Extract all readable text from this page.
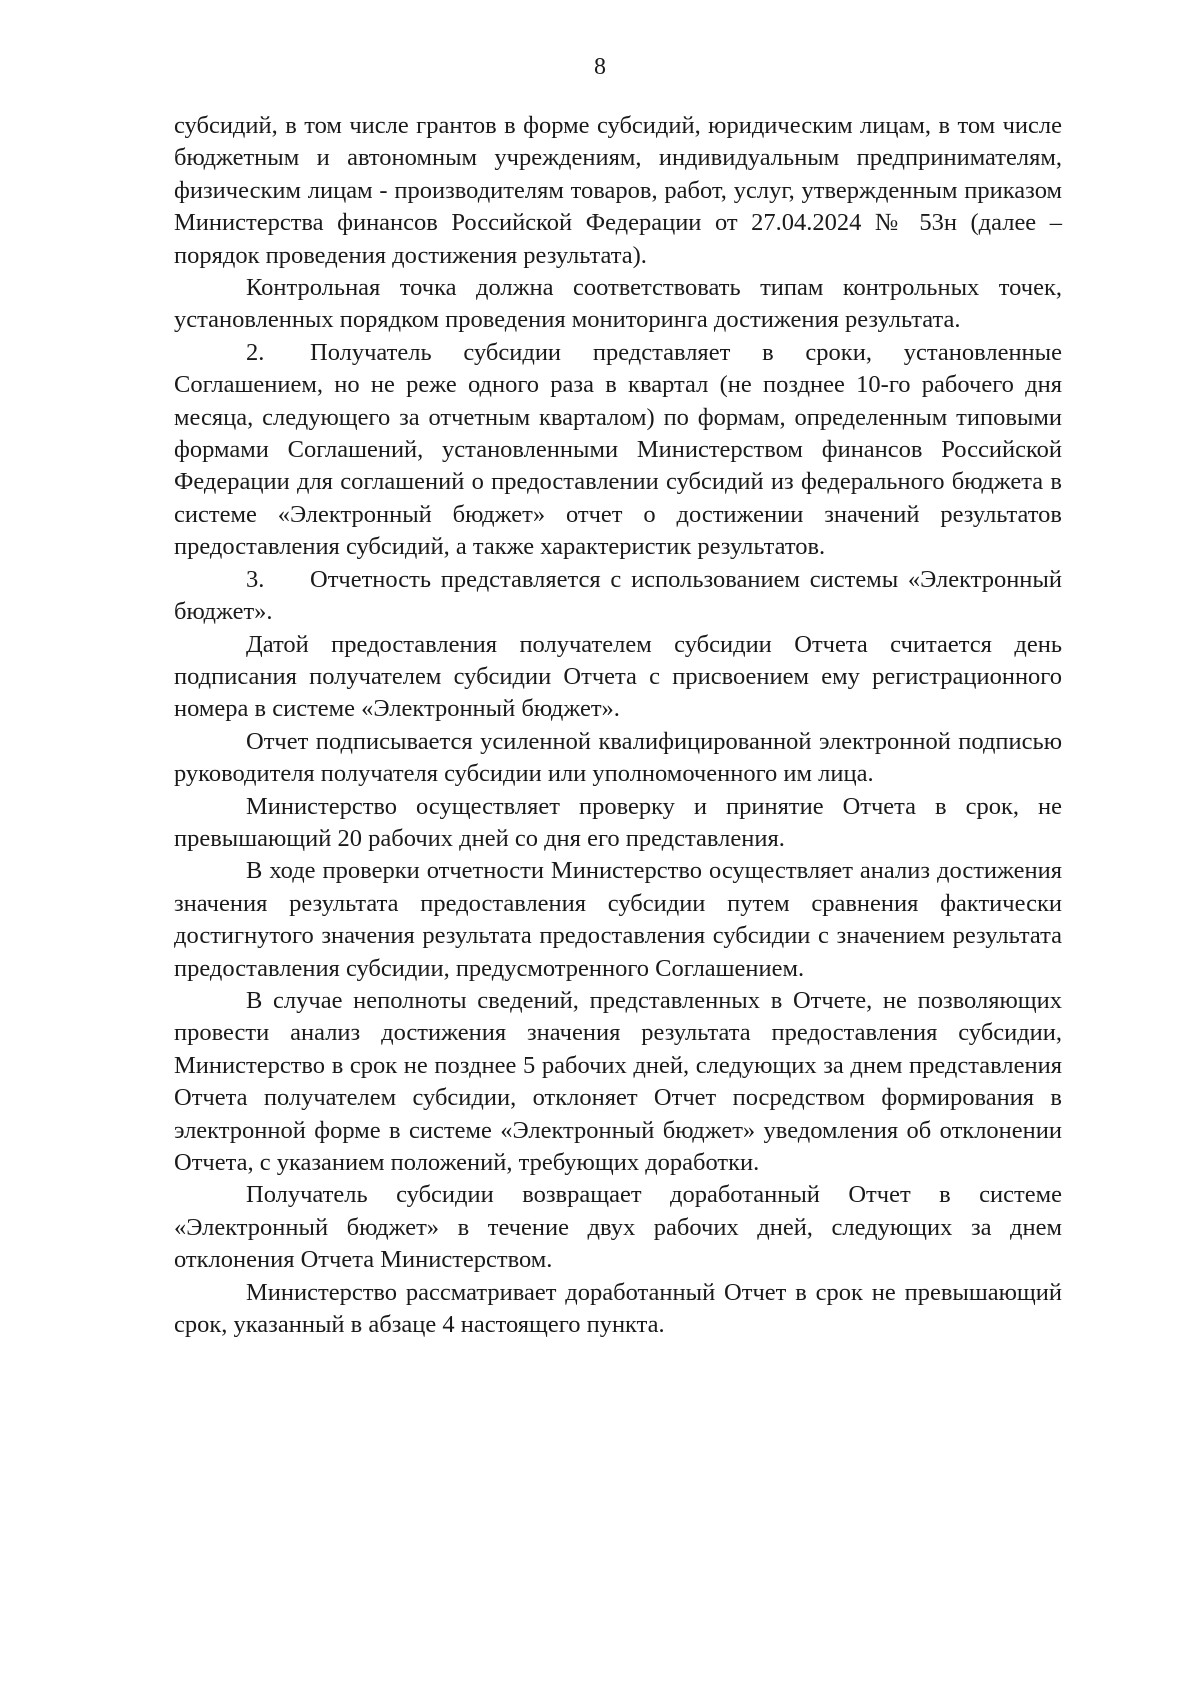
8

субсидий, в том числе грантов в форме субсидий, юридическим лицам, в том числе бюджетным и автономным учреждениям, индивидуальным предпринимателям, физическим лицам - производителям товаров, работ, услуг, утвержденным приказом Министерства финансов Российской Федерации от 27.04.2024 № 53н (далее – порядок проведения достижения результата).

Контрольная точка должна соответствовать типам контрольных точек, установленных порядком проведения мониторинга достижения результата.

2. Получатель субсидии представляет в сроки, установленные Соглашением, но не реже одного раза в квартал (не позднее 10-го рабочего дня месяца, следующего за отчетным кварталом) по формам, определенным типовыми формами Соглашений, установленными Министерством финансов Российской Федерации для соглашений о предоставлении субсидий из федерального бюджета в системе «Электронный бюджет» отчет о достижении значений результатов предоставления субсидий, а также характеристик результатов.

3. Отчетность представляется с использованием системы «Электронный бюджет».

Датой предоставления получателем субсидии Отчета считается день подписания получателем субсидии Отчета с присвоением ему регистрационного номера в системе «Электронный бюджет».

Отчет подписывается усиленной квалифицированной электронной подписью руководителя получателя субсидии или уполномоченного им лица.

Министерство осуществляет проверку и принятие Отчета в срок, не превышающий 20 рабочих дней со дня его представления.

В ходе проверки отчетности Министерство осуществляет анализ достижения значения результата предоставления субсидии путем сравнения фактически достигнутого значения результата предоставления субсидии с значением результата предоставления субсидии, предусмотренного Соглашением.

В случае неполноты сведений, представленных в Отчете, не позволяющих провести анализ достижения значения результата предоставления субсидии, Министерство в срок не позднее 5 рабочих дней, следующих за днем представления Отчета получателем субсидии, отклоняет Отчет посредством формирования в электронной форме в системе «Электронный бюджет» уведомления об отклонении Отчета, с указанием положений, требующих доработки.

Получатель субсидии возвращает доработанный Отчет в системе «Электронный бюджет» в течение двух рабочих дней, следующих за днем отклонения Отчета Министерством.

Министерство рассматривает доработанный Отчет в срок не превышающий срок, указанный в абзаце 4 настоящего пункта.
